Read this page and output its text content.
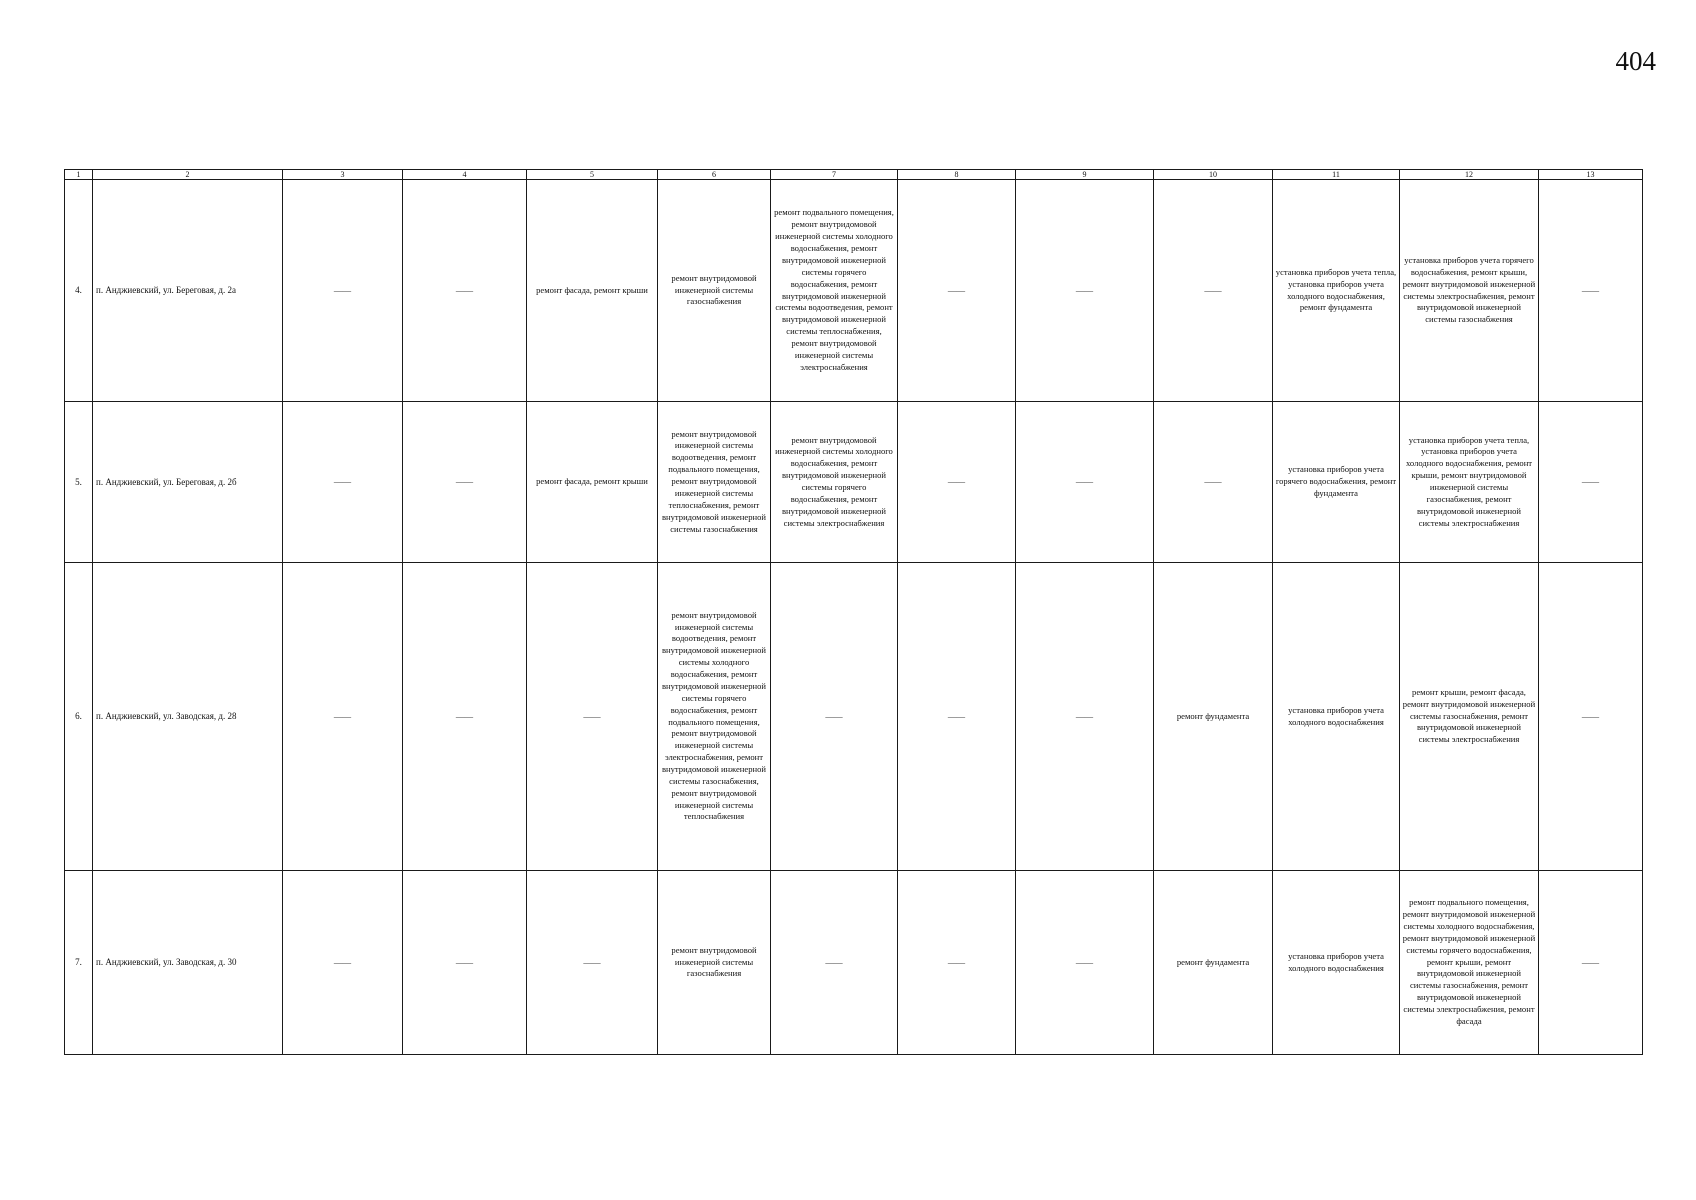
404
1	2	3	4	5	6	7	8	9	10	11	12	13
4.	п. Анджиевский, ул. Береговая, д. 2а	——	——	ремонт фасада, ремонт крыши	ремонт внутридомовой инженерной системы газоснабжения	ремонт подвального помещения, ремонт внутридомовой инженерной системы холодного водоснабжения, ремонт внутридомовой инженерной системы горячего водоснабжения, ремонт внутридомовой инженерной системы водоотведения, ремонт внутридомовой инженерной системы теплоснабжения, ремонт внутридомовой инженерной системы электроснабжения	——	——	——	установка приборов учета тепла, установка приборов учета холодного водоснабжения, ремонт фундамента	установка приборов учета горячего водоснабжения, ремонт крыши, ремонт внутридомовой инженерной системы электроснабжения, ремонт внутридомовой инженерной системы газоснабжения	——
5.	п. Анджиевский, ул. Береговая, д. 2б	——	——	ремонт фасада, ремонт крыши	ремонт внутридомовой инженерной системы водоотведения, ремонт подвального помещения, ремонт внутридомовой инженерной системы теплоснабжения, ремонт внутридомовой инженерной системы газоснабжения	ремонт внутридомовой инженерной системы холодного водоснабжения, ремонт внутридомовой инженерной системы горячего водоснабжения, ремонт внутридомовой инженерной системы электроснабжения	——	——	——	установка приборов учета горячего водоснабжения, ремонт фундамента	установка приборов учета тепла, установка приборов учета холодного водоснабжения, ремонт крыши, ремонт внутридомовой инженерной системы газоснабжения, ремонт внутридомовой инженерной системы электроснабжения	——
6.	п. Анджиевский, ул. Заводская, д. 28	——	——	——	ремонт внутридомовой инженерной системы водоотведения, ремонт внутридомовой инженерной системы холодного водоснабжения, ремонт внутридомовой инженерной системы горячего водоснабжения, ремонт подвального помещения, ремонт внутридомовой инженерной системы электроснабжения, ремонт внутридомовой инженерной системы газоснабжения, ремонт внутридомовой инженерной системы теплоснабжения	——	——	——	ремонт фундамента	установка приборов учета холодного водоснабжения	ремонт крыши, ремонт фасада, ремонт внутридомовой инженерной системы газоснабжения, ремонт внутридомовой инженерной системы электроснабжения	——
7.	п. Анджиевский, ул. Заводская, д. 30	——	——	——	ремонт внутридомовой инженерной системы газоснабжения	——	——	——	ремонт фундамента	установка приборов учета холодного водоснабжения	ремонт подвального помещения, ремонт внутридомовой инженерной системы холодного водоснабжения, ремонт внутридомовой инженерной системы горячего водоснабжения, ремонт крыши, ремонт внутридомовой инженерной системы газоснабжения, ремонт внутридомовой инженерной системы электроснабжения, ремонт фасада	——
